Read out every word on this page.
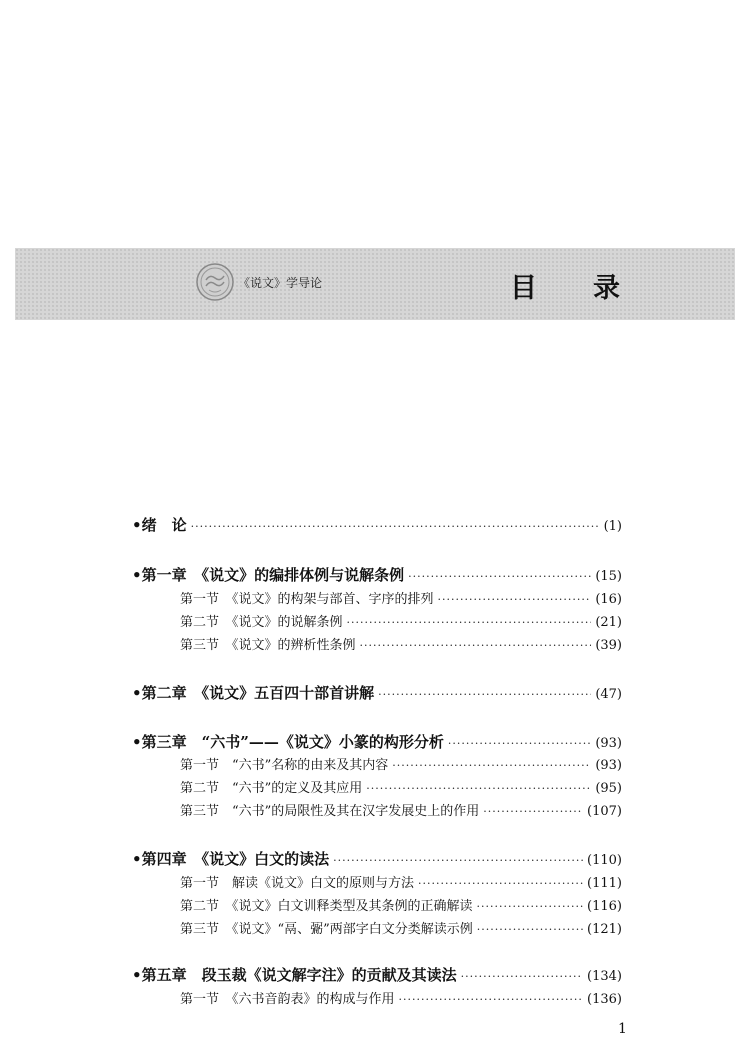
《说文》学导论	目录
• 绪　论 ·····	(1)
• 第一章　《说文》的编排体例与说解条例 ·····	(15)
第一节　《说文》的构架与部首、字序的排列 ·····	(16)
第二节　《说文》的说解条例 ·····	(21)
第三节　《说文》的辨析性条例 ·····	(39)
• 第二章　《说文》五百四十部首讲解 ·····	(47)
• 第三章　“六书”——《说文》小篆的构形分析 ·····	(93)
第一节　“六书”名称的由来及其内容 ·····	(93)
第二节　“六书”的定义及其应用 ·····	(95)
第三节　“六书”的局限性及其在汉字发展史上的作用 ·····	(107)
• 第四章　《说文》白文的读法 ·····	(110)
第一节　解读《说文》白文的原则与方法 ·····	(111)
第二节　《说文》白文训释类型及其条例的正确解读 ·····	(116)
第三节　《说文》“鬲、䰜”两部字白文分类解读示例 ·····	(121)
• 第五章　段玉裁《说文解字注》的贡献及其读法 ·····	(134)
第一节　《六书音韵表》的构成与作用 ·····	(136)
1
